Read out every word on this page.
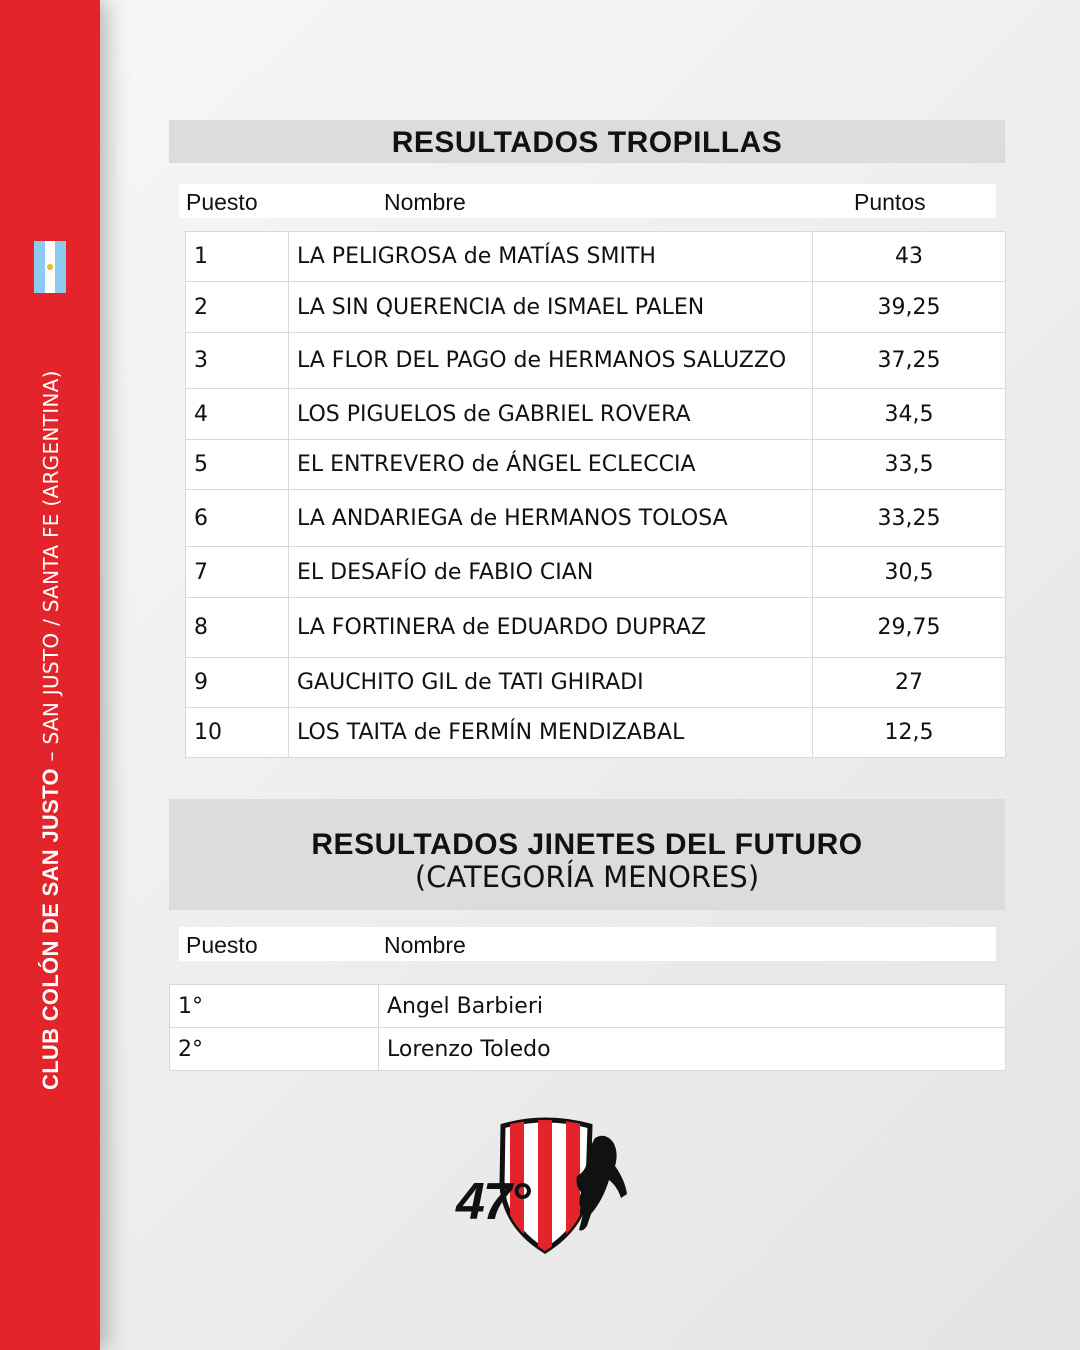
CLUB COLÓN DE SAN JUSTO – SAN JUSTO / SANTA FE (ARGENTINA)
RESULTADOS TROPILLAS
Puesto	Nombre	Puntos
1	LA PELIGROSA de MATÍAS SMITH	43
2	LA SIN QUERENCIA de ISMAEL PALEN	39,25
3	LA FLOR DEL PAGO de HERMANOS SALUZZO	37,25
4	LOS PIGUELOS de GABRIEL ROVERA	34,5
5	EL ENTREVERO de ÁNGEL ECLECCIA	33,5
6	LA ANDARIEGA de HERMANOS TOLOSA	33,25
7	EL DESAFÍO de FABIO CIAN	30,5
8	LA FORTINERA de EDUARDO DUPRAZ	29,75
9	GAUCHITO GIL de TATI GHIRADI	27
10	LOS TAITA de FERMÍN MENDIZABAL	12,5
RESULTADOS JINETES DEL FUTURO
(CATEGORÍA MENORES)
Puesto	Nombre
1°	Angel Barbieri
2°	Lorenzo Toledo
47°
